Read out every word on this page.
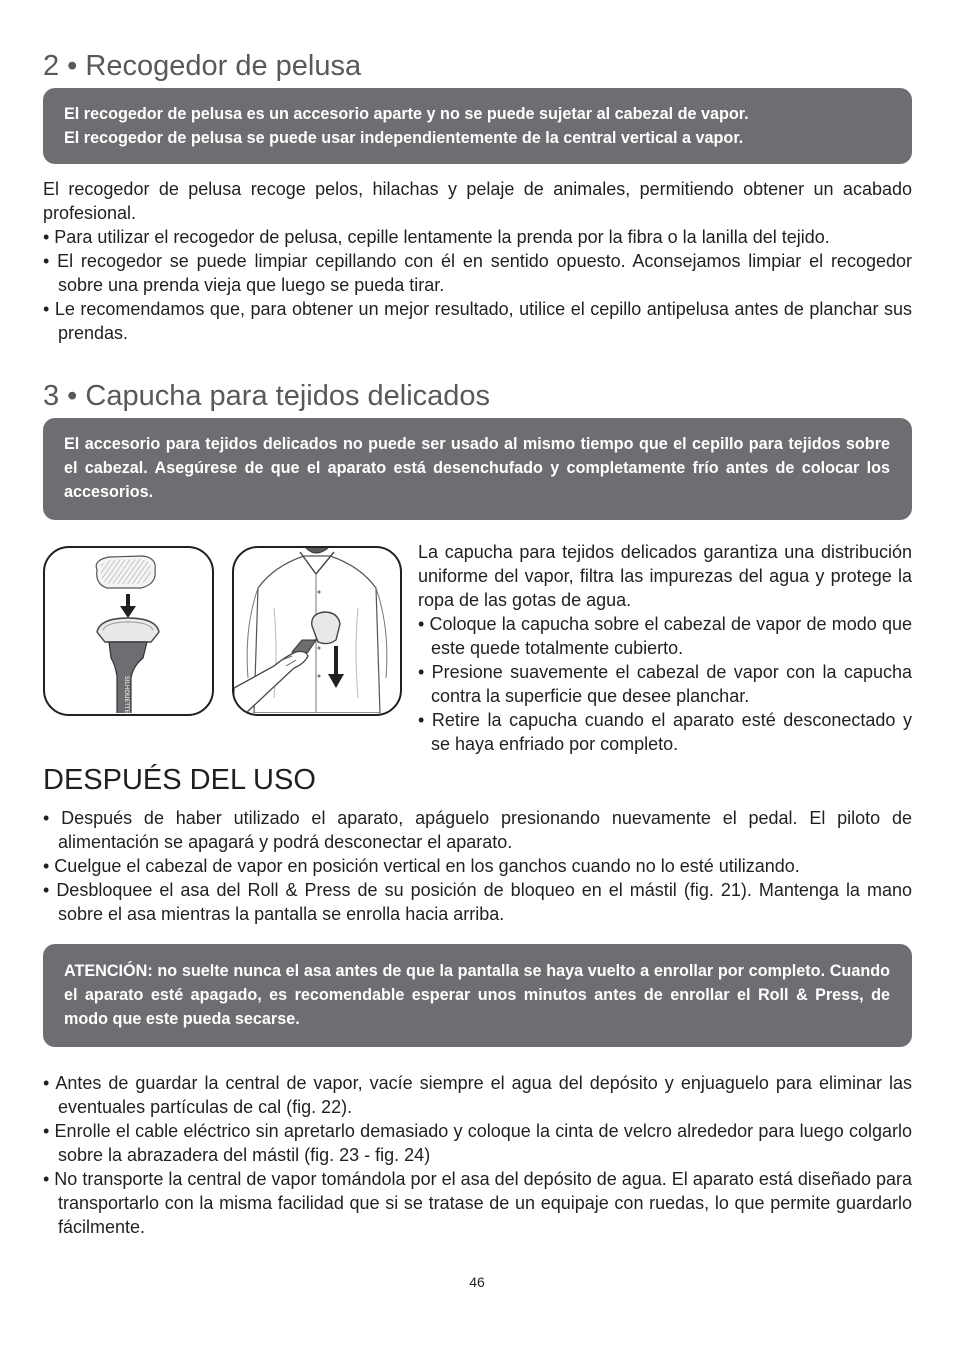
2 • Recogedor de pelusa

El recogedor de pelusa es un accesorio aparte y no se puede sujetar al cabezal de vapor.

El recogedor de pelusa se puede usar independientemente de la central vertical a vapor.

El recogedor de pelusa recoge pelos, hilachas y pelaje de animales, permitiendo obtener un acabado profesional.

• Para utilizar el recogedor de pelusa, cepille lentamente la prenda por la fibra o la lanilla del tejido.

• El recogedor se puede limpiar cepillando con él en sentido opuesto. Aconsejamos limpiar el recogedor sobre una prenda vieja que luego se pueda tirar.

• Le recomendamos que, para obtener un mejor resultado, utilice el cepillo antipelusa antes de planchar sus prendas.

3 • Capucha para tejidos delicados

El accesorio para tejidos delicados no puede ser usado al mismo tiempo que el cepillo para tejidos sobre el cabezal. Asegúrese de que el aparato está desenchufado y completamente frío antes de colocar los accesorios.

SILHOUETTE

La capucha para tejidos delicados garantiza una distribución uniforme del vapor, filtra las impurezas del agua y protege la ropa de las gotas de agua.

• Coloque la capucha sobre el cabezal de vapor de modo que este quede totalmente cubierto.

• Presione suavemente el cabezal de vapor con la capucha contra la superficie que desee planchar.

• Retire la capucha cuando el aparato esté desconectado y se haya enfriado por completo.

DESPUÉS DEL USO

• Después de haber utilizado el aparato, apáguelo presionando nuevamente el pedal. El piloto de alimentación se apagará y podrá desconectar el aparato.

• Cuelgue el cabezal de vapor en posición vertical en los ganchos cuando no lo esté utilizando.

• Desbloquee el asa del Roll & Press de su posición de bloqueo en el mástil (fig. 21). Mantenga la mano sobre el asa mientras la pantalla se enrolla hacia arriba.

ATENCIÓN: no suelte nunca el asa antes de que la pantalla se haya vuelto a enrollar por completo. Cuando el aparato esté apagado, es recomendable esperar unos minutos antes de enrollar el Roll & Press, de modo que este pueda secarse.

• Antes de guardar la central de vapor, vacíe siempre el agua del depósito y enjuaguelo para eliminar las eventuales partículas de cal (fig. 22).

• Enrolle el cable eléctrico sin apretarlo demasiado y coloque la cinta de velcro alrededor para luego colgarlo sobre la abrazadera del mástil (fig. 23 - fig. 24)

• No transporte la central de vapor tomándola por el asa del depósito de agua. El aparato está diseñado para transportarlo con la misma facilidad que si se tratase de un equipaje con ruedas, lo que permite guardarlo fácilmente.

46
